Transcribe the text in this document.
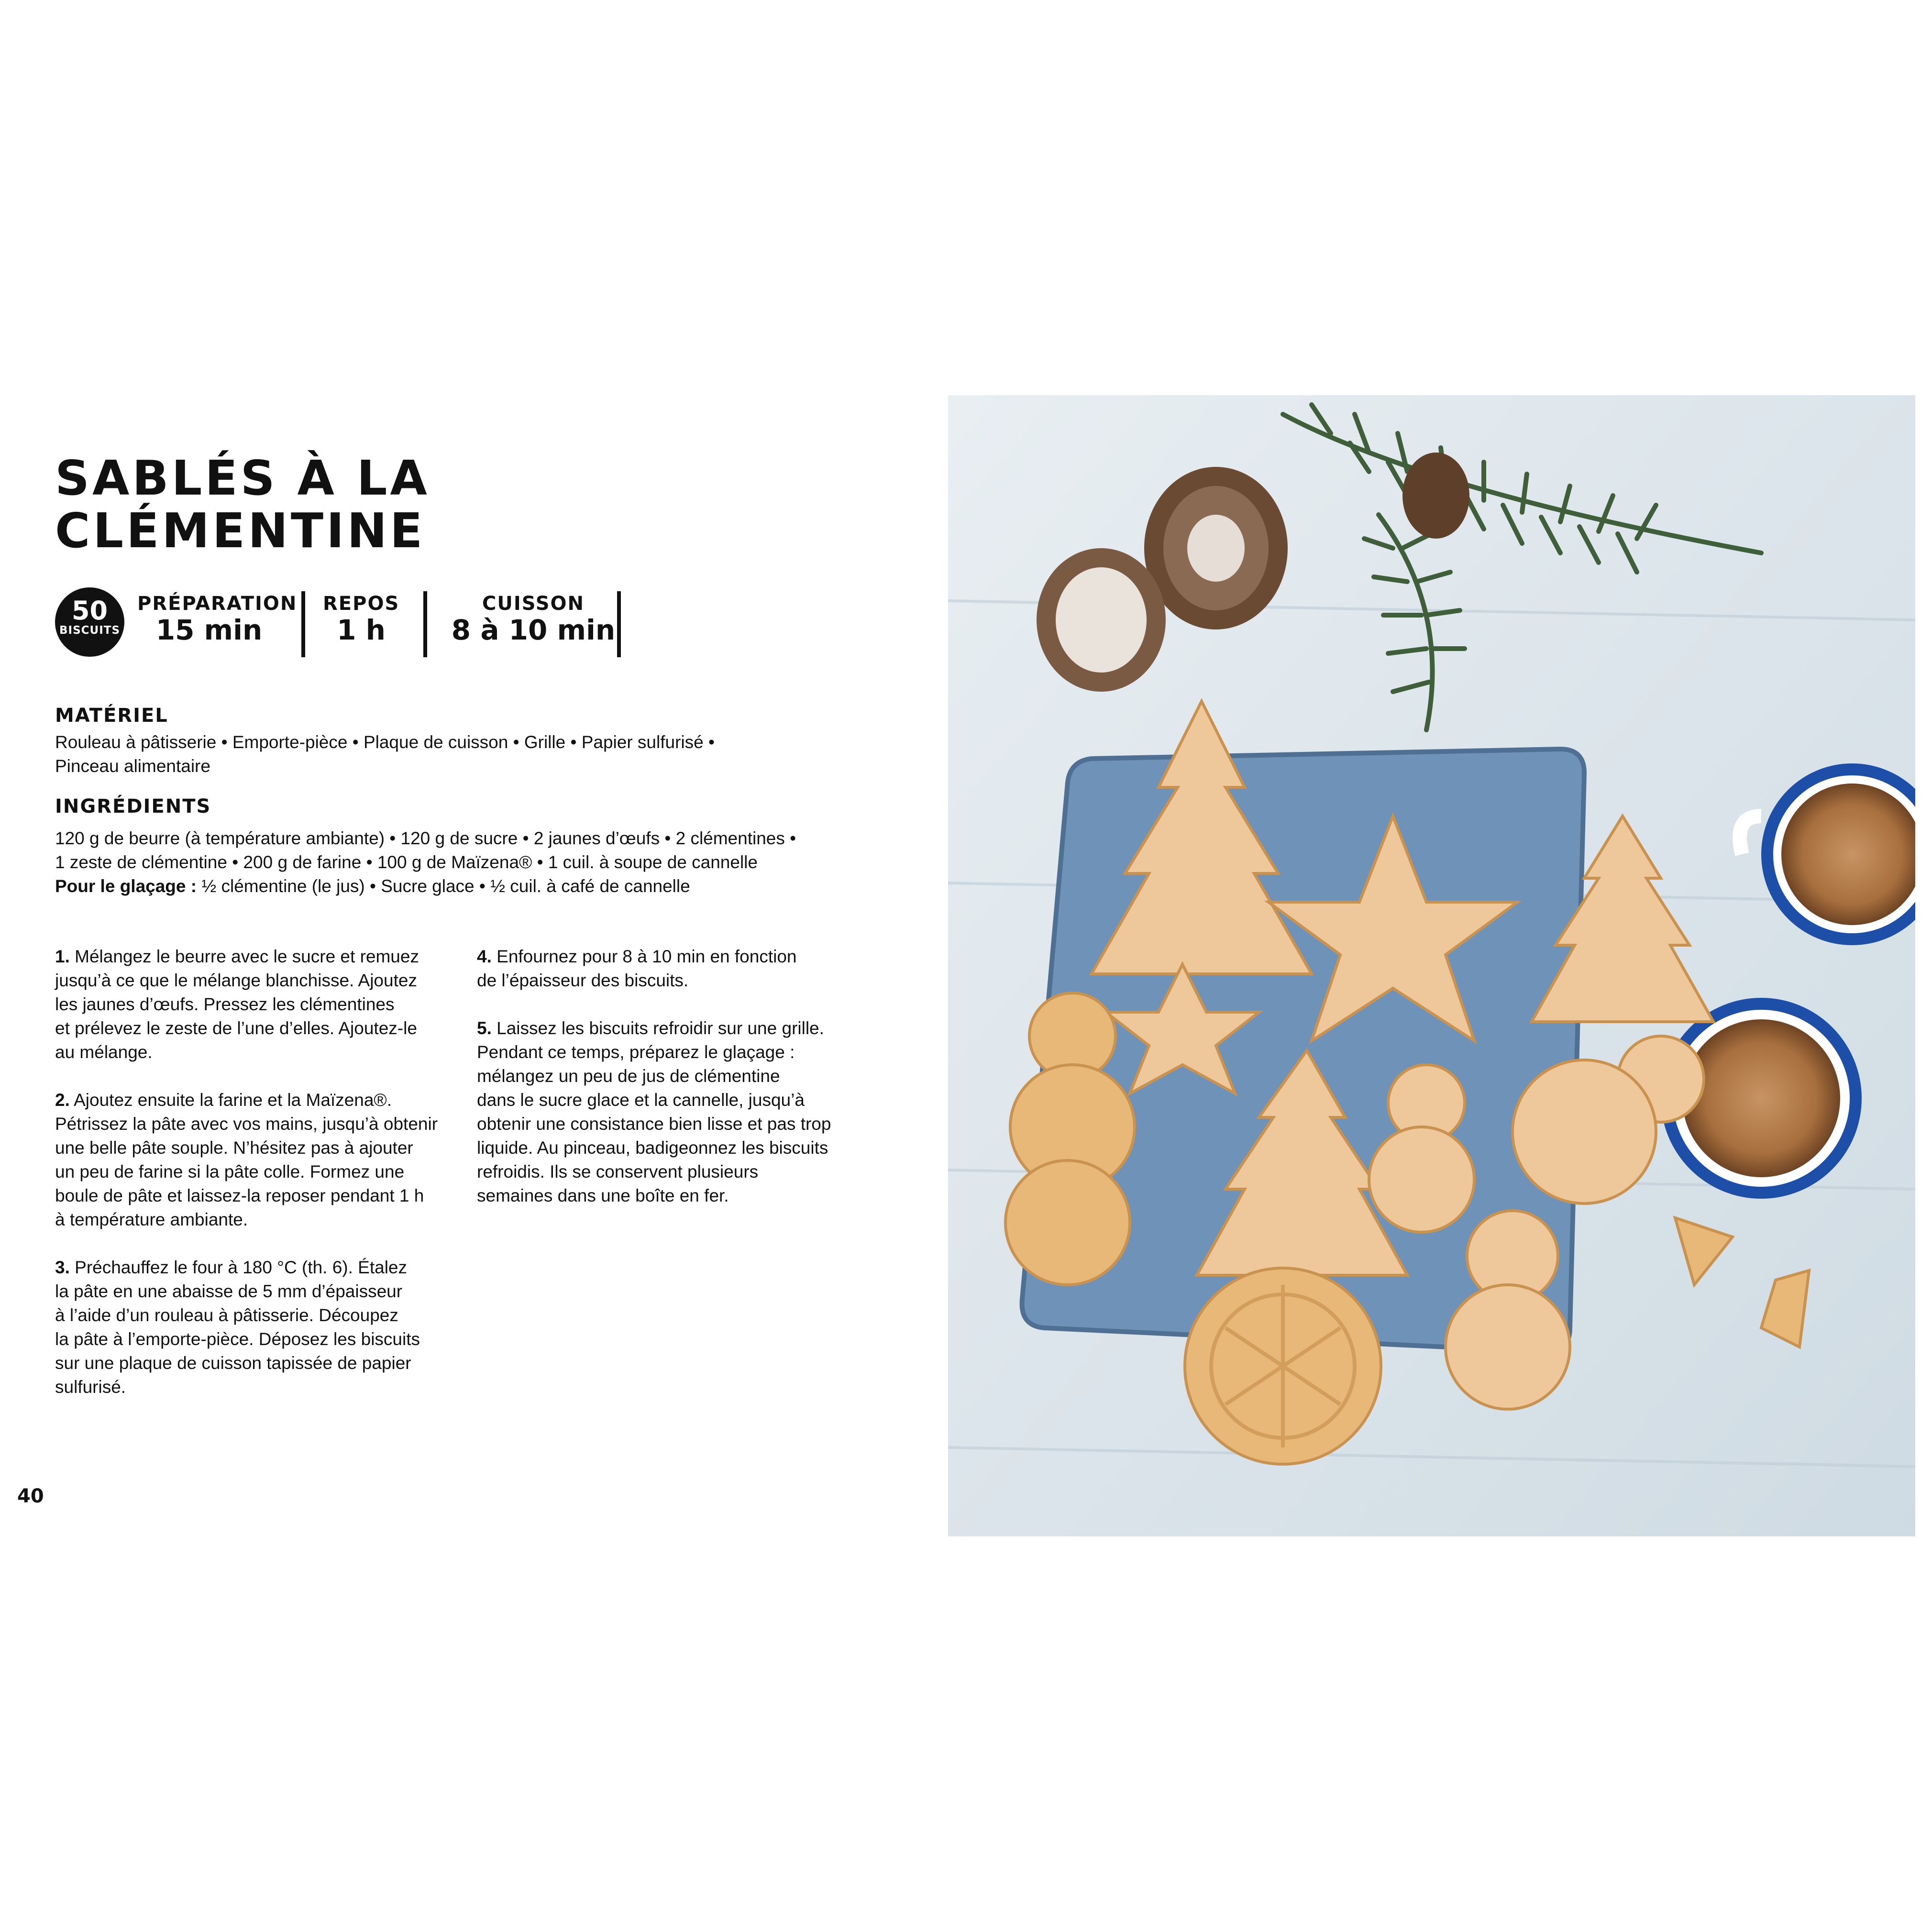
SABLÉS À LA CLÉMENTINE
50
BISCUITS
PRÉPARATION
15 min
REPOS
1 h
CUISSON
8 à 10 min
MATÉRIEL

Rouleau à pâtisserie • Emporte-pièce • Plaque de cuisson • Grille • Papier sulfurisé •

Pinceau alimentaire

INGRÉDIENTS

120 g de beurre (à température ambiante) • 120 g de sucre • 2 jaunes d’œufs • 2 clémentines •

1 zeste de clémentine • 200 g de farine • 100 g de Maïzena® • 1 cuil. à soupe de cannelle

Pour le glaçage : ½ clémentine (le jus) • Sucre glace • ½ cuil. à café de cannelle

1. Mélangez le beurre avec le sucre et remuez
jusqu’à ce que le mélange blanchisse. Ajoutez
les jaunes d’œufs. Pressez les clémentines
et prélevez le zeste de l’une d’elles. Ajoutez-le
au mélange.
2. Ajoutez ensuite la farine et la Maïzena®.
Pétrissez la pâte avec vos mains, jusqu’à obtenir
une belle pâte souple. N’hésitez pas à ajouter
un peu de farine si la pâte colle. Formez une
boule de pâte et laissez-la reposer pendant 1 h
à température ambiante.
3. Préchauffez le four à 180 °C (th. 6). Étalez
la pâte en une abaisse de 5 mm d’épaisseur
à l’aide d’un rouleau à pâtisserie. Découpez
la pâte à l’emporte-pièce. Déposez les biscuits
sur une plaque de cuisson tapissée de papier
sulfurisé.
4. Enfournez pour 8 à 10 min en fonction
de l’épaisseur des biscuits.
5. Laissez les biscuits refroidir sur une grille.
Pendant ce temps, préparez le glaçage :
mélangez un peu de jus de clémentine
dans le sucre glace et la cannelle, jusqu’à
obtenir une consistance bien lisse et pas trop
liquide. Au pinceau, badigeonnez les biscuits
refroidis. Ils se conservent plusieurs
semaines dans une boîte en fer.
40
